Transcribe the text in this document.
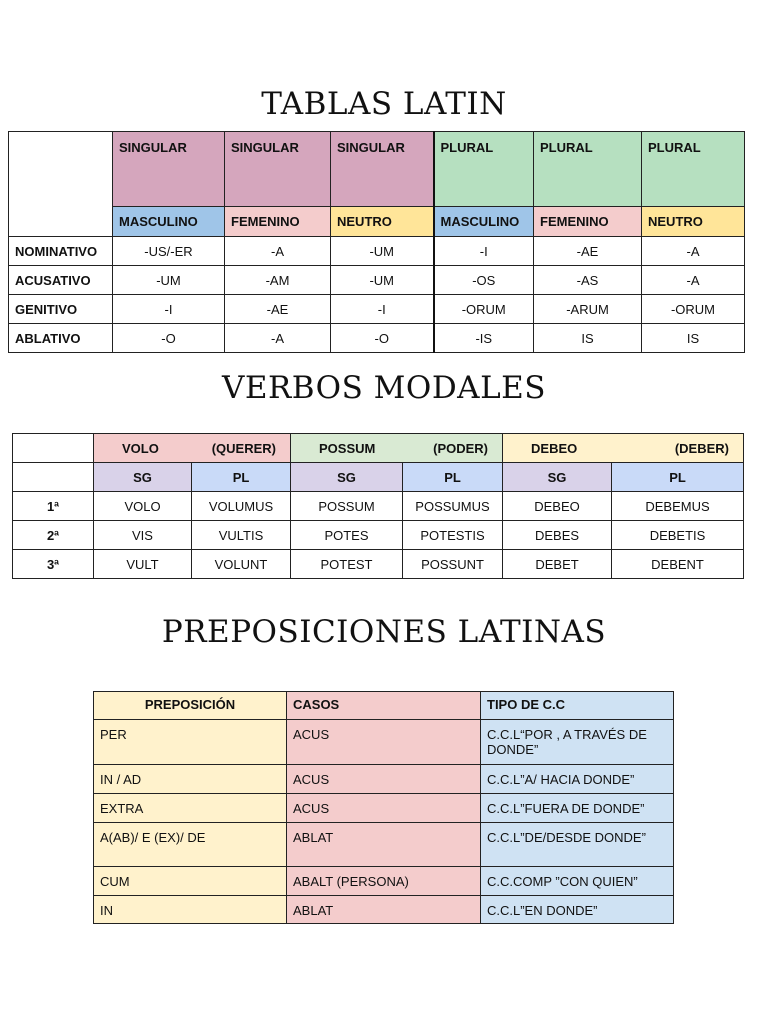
TABLAS LATIN
	SINGULAR	SINGULAR	SINGULAR	PLURAL	PLURAL	PLURAL
	MASCULINO	FEMENINO	NEUTRO	MASCULINO	FEMENINO	NEUTRO
NOMINATIVO	-US/-ER	-A	-UM	-I	-AE	-A
ACUSATIVO	-UM	-AM	-UM	-OS	-AS	-A
GENITIVO	-I	-AE	-I	-ORUM	-ARUM	-ORUM
ABLATIVO	-O	-A	-O	-IS	IS	IS
VERBOS MODALES

	VOLO (QUERER)		POSSUM (PODER)		DEBEO (DEBER)	

	SG	PL	SG	PL	SG	PL
1ª	VOLO	VOLUMUS	POSSUM	POSSUMUS	DEBEO	DEBEMUS
2ª	VIS	VULTIS	POTES	POTESTIS	DEBES	DEBETIS
3ª	VULT	VOLUNT	POTEST	POSSUNT	DEBET	DEBENT
PREPOSICIONES LATINAS
PREPOSICIÓN	CASOS	TIPO DE C.C
PER	ACUS	C.C.L“POR , A TRAVÉS DE DONDE”
IN / AD	ACUS	C.C.L”A/ HACIA DONDE”
EXTRA	ACUS	C.C.L”FUERA DE DONDE”
A(AB)/ E (EX)/ DE	ABLAT	C.C.L”DE/DESDE DONDE”
CUM	ABALT (PERSONA)	C.C.COMP ”CON QUIEN”
IN	ABLAT	C.C.L”EN DONDE”
